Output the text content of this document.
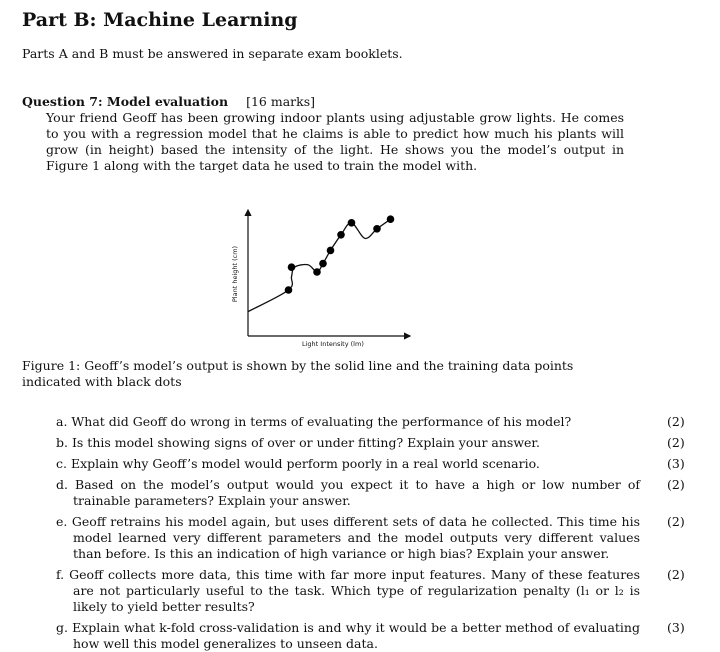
Part B: Machine Learning

Parts A and B must be answered in separate exam booklets.

Question 7: Model evaluation [16 marks]

Your friend Geoff has been growing indoor plants using adjustable grow lights. He comes to you with a regression model that he claims is able to predict how much his plants will grow (in height) based the intensity of the light. He shows you the model’s output in Figure 1 along with the target data he used to train the model with.

Light Intensity (lm)
Plant height (cm)

Figure 1: Geoff’s model’s output is shown by the solid line and the training data points indicated with black dots

a. What did Geoff do wrong in terms of evaluating the performance of his model?	(2)
b. Is this model showing signs of over or under fitting? Explain your answer.	(2)
c. Explain why Geoff’s model would perform poorly in a real world scenario.	(3)
d. Based on the model’s output would you expect it to have a high or low number of trainable parameters? Explain your answer.
(2)
e. Geoff retrains his model again, but uses different sets of data he collected. This time his model learned very different parameters and the model outputs very different values than before. Is this an indication of high variance or high bias? Explain your answer.
(2)
f. Geoff collects more data, this time with far more input features. Many of these features are not particularly useful to the task. Which type of regularization penalty (l₁ or l₂ is likely to yield better results?
(2)
g. Explain what k-fold cross-validation is and why it would be a better method of evaluating how well this model generalizes to unseen data.
(3)
